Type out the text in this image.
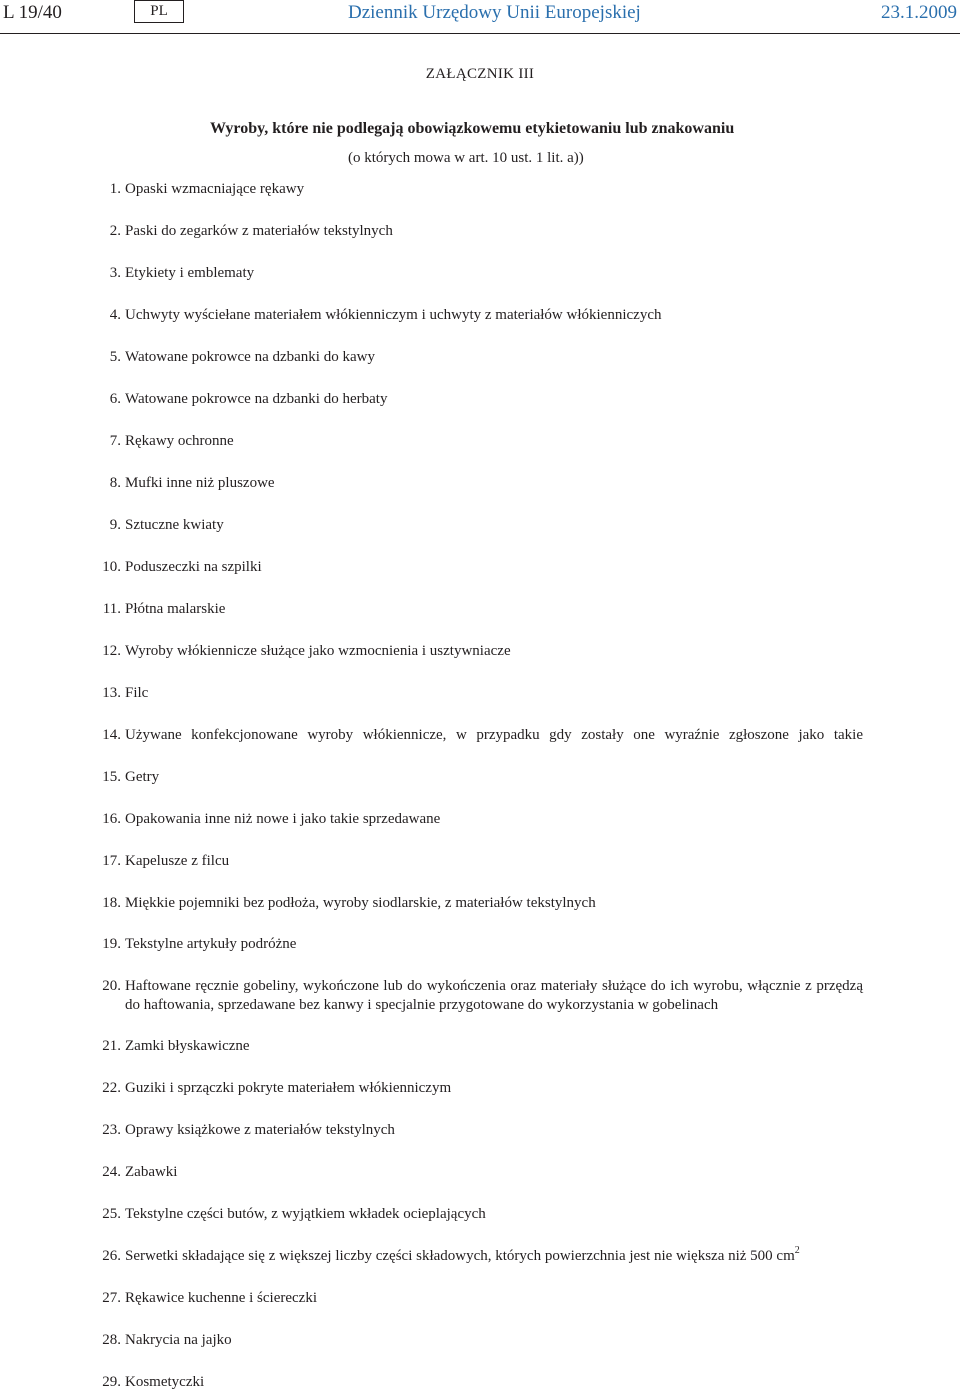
L 19/40	PL	Dziennik Urzędowy Unii Europejskiej	23.1.2009
ZAŁĄCZNIK III
Wyroby, które nie podlegają obowiązkowemu etykietowaniu lub znakowaniu
(o których mowa w art. 10 ust. 1 lit. a))
1. Opaski wzmacniające rękawy
2. Paski do zegarków z materiałów tekstylnych
3. Etykiety i emblematy
4. Uchwyty wyściełane materiałem włókienniczym i uchwyty z materiałów włókienniczych
5. Watowane pokrowce na dzbanki do kawy
6. Watowane pokrowce na dzbanki do herbaty
7. Rękawy ochronne
8. Mufki inne niż pluszowe
9. Sztuczne kwiaty
10. Poduszeczki na szpilki
11. Płótna malarskie
12. Wyroby włókiennicze służące jako wzmocnienia i usztywniacze
13. Filc
14. Używane konfekcjonowane wyroby włókiennicze, w przypadku gdy zostały one wyraźnie zgłoszone jako takie
15. Getry
16. Opakowania inne niż nowe i jako takie sprzedawane
17. Kapelusze z filcu
18. Miękkie pojemniki bez podłoża, wyroby siodlarskie, z materiałów tekstylnych
19. Tekstylne artykuły podróżne
20. Haftowane ręcznie gobeliny, wykończone lub do wykończenia oraz materiały służące do ich wyrobu, włącznie z przędzą do haftowania, sprzedawane bez kanwy i specjalnie przygotowane do wykorzystania w gobelinach
21. Zamki błyskawiczne
22. Guziki i sprzączki pokryte materiałem włókienniczym
23. Oprawy książkowe z materiałów tekstylnych
24. Zabawki
25. Tekstylne części butów, z wyjątkiem wkładek ocieplających
26. Serwetki składające się z większej liczby części składowych, których powierzchnia jest nie większa niż 500 $cm^2$
27. Rękawice kuchenne i ściereczki
28. Nakrycia na jajko
29. Kosmetyczki
